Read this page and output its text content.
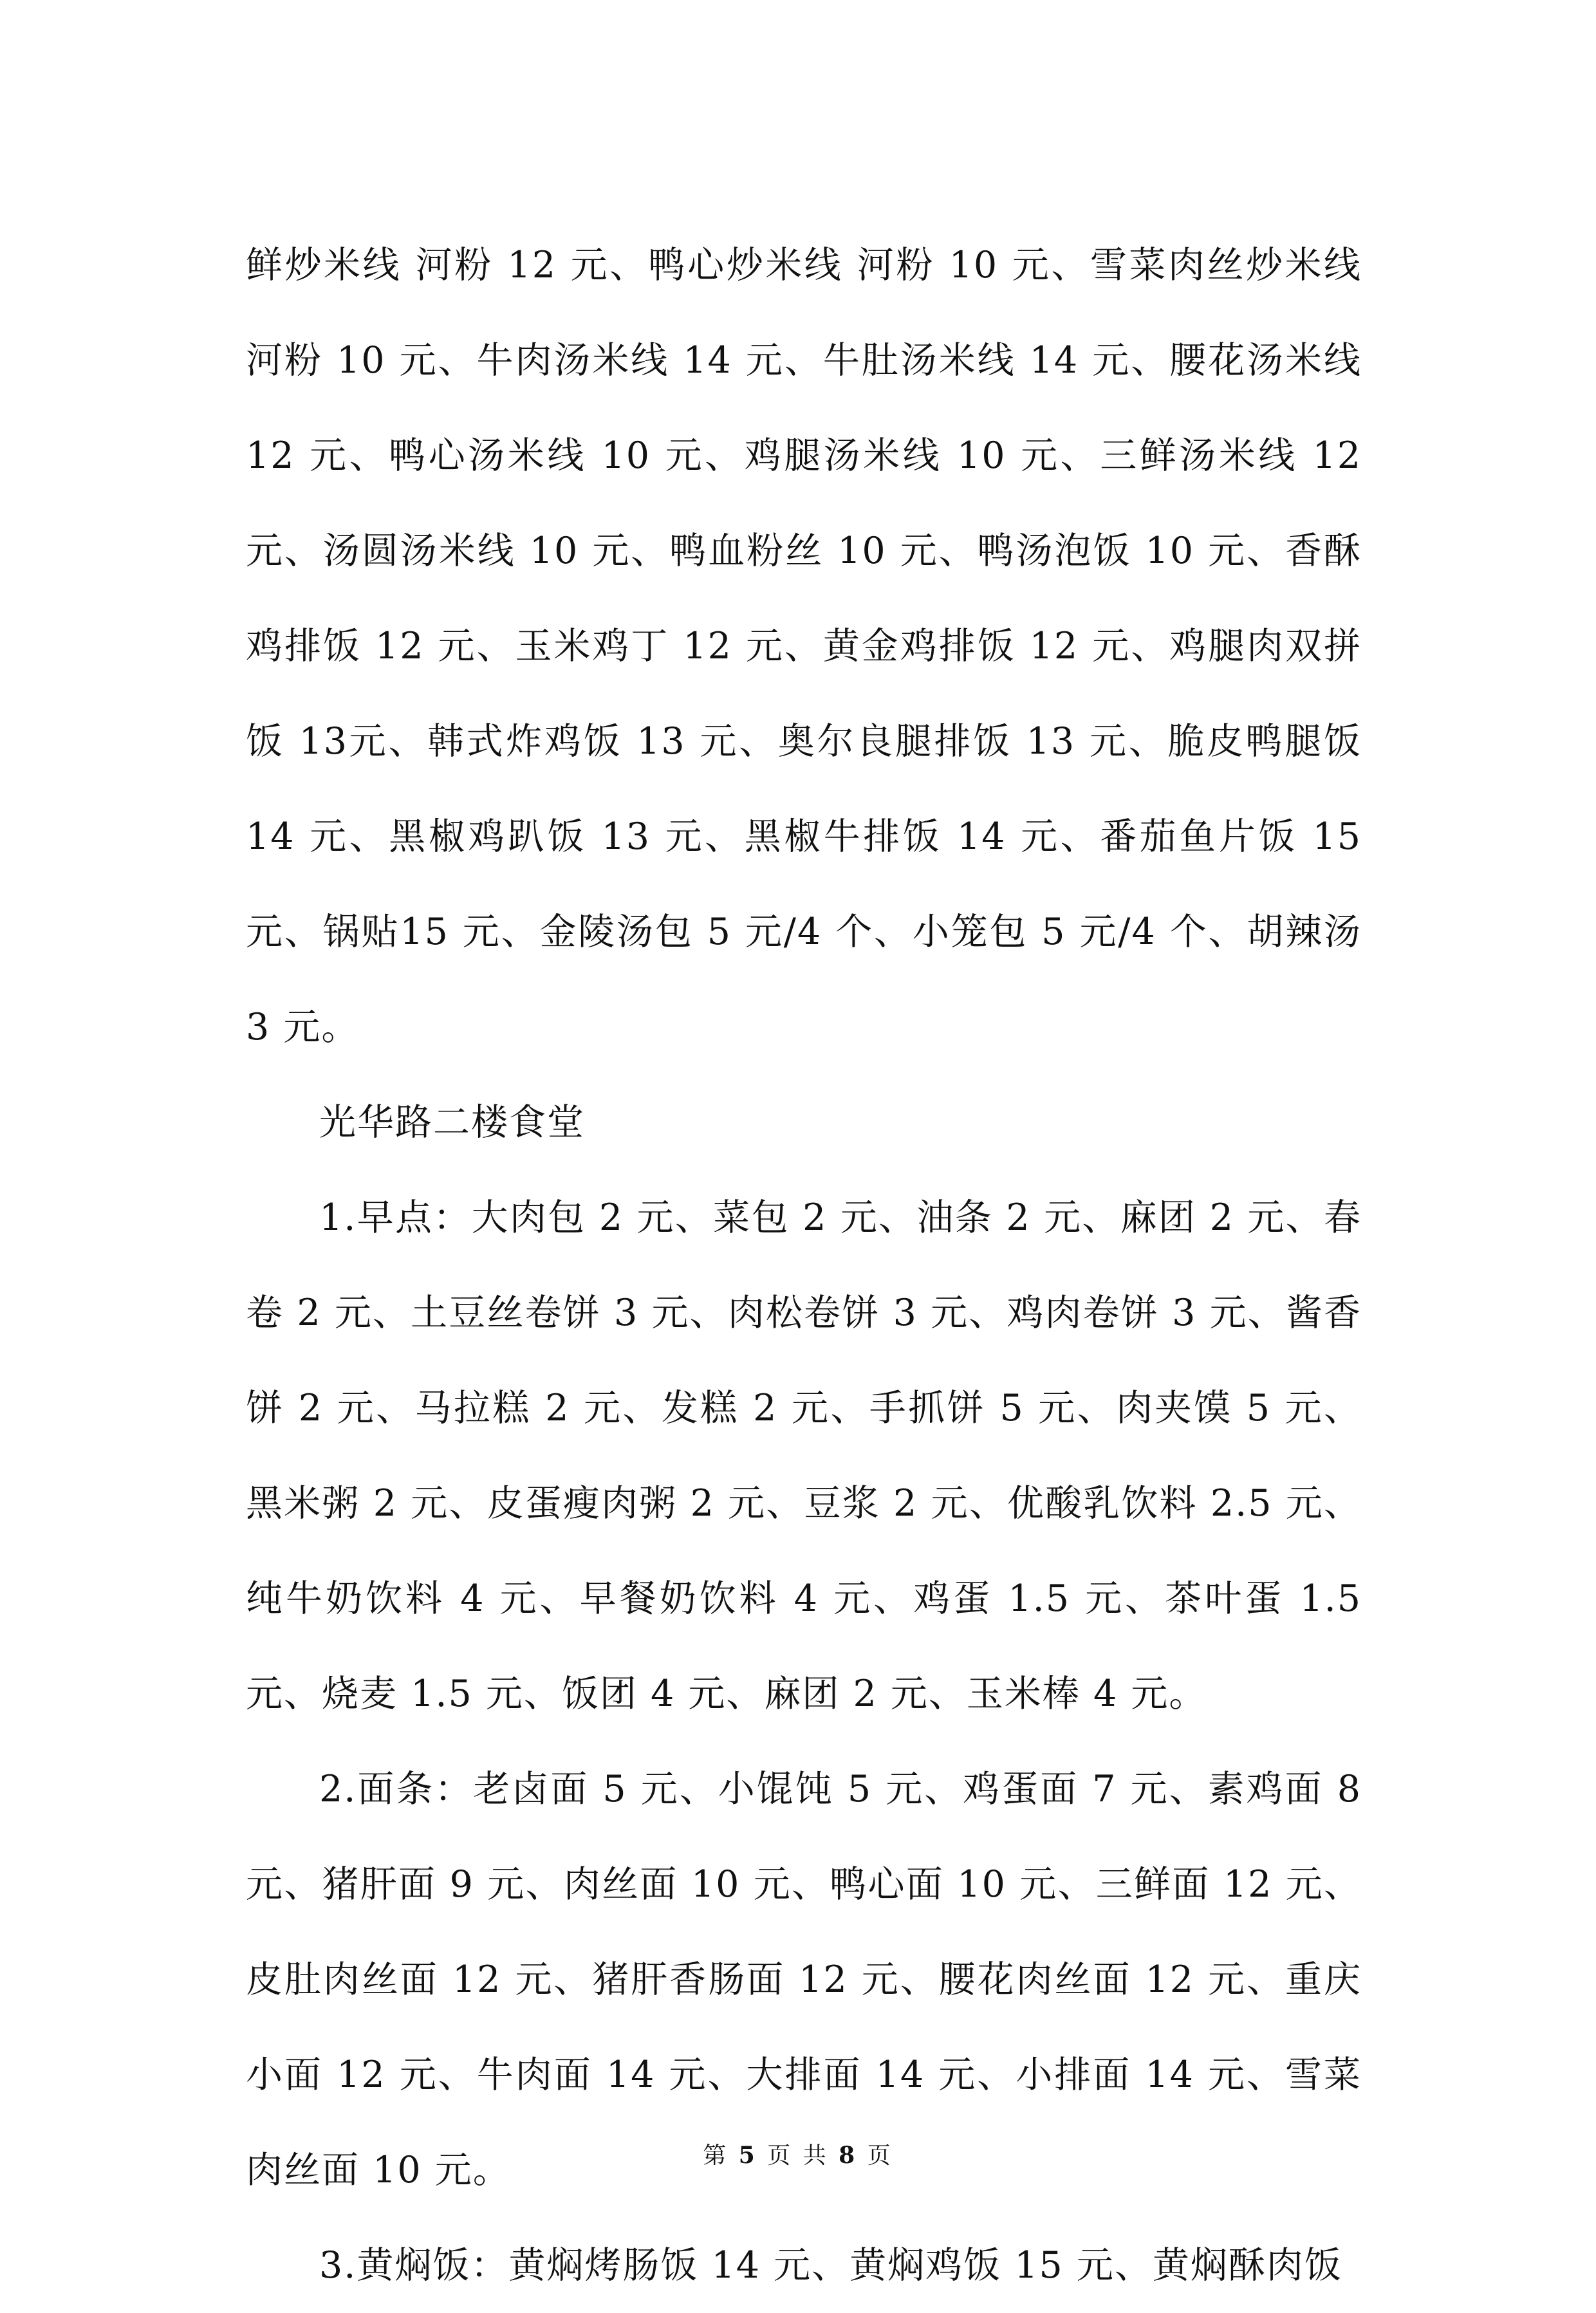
鲜炒米线 河粉 12 元、鸭心炒米线 河粉 10 元、雪菜肉丝炒米线河粉 10 元、牛肉汤米线 14 元、牛肚汤米线 14 元、腰花汤米线12 元、鸭心汤米线 10 元、鸡腿汤米线 10 元、三鲜汤米线 12 元、汤圆汤米线 10 元、鸭血粉丝 10 元、鸭汤泡饭 10 元、香酥鸡排饭 12 元、玉米鸡丁 12 元、黄金鸡排饭 12 元、鸡腿肉双拼饭 13元、韩式炸鸡饭 13 元、奥尔良腿排饭 13 元、脆皮鸭腿饭 14 元、黑椒鸡趴饭 13 元、黑椒牛排饭 14 元、番茄鱼片饭 15 元、锅贴15 元、金陵汤包 5 元/4 个、小笼包 5 元/4 个、胡辣汤 3 元。

光华路二楼食堂

1.早点：大肉包 2 元、菜包 2 元、油条 2 元、麻团 2 元、春卷 2 元、土豆丝卷饼 3 元、肉松卷饼 3 元、鸡肉卷饼 3 元、酱香饼 2 元、马拉糕 2 元、发糕 2 元、手抓饼 5 元、肉夹馍 5 元、黑米粥 2 元、皮蛋瘦肉粥 2 元、豆浆 2 元、优酸乳饮料 2.5 元、纯牛奶饮料 4 元、早餐奶饮料 4 元、鸡蛋 1.5 元、茶叶蛋 1.5 元、烧麦 1.5 元、饭团 4 元、麻团 2 元、玉米棒 4 元。

2.面条：老卤面 5 元、小馄饨 5 元、鸡蛋面 7 元、素鸡面 8元、猪肝面 9 元、肉丝面 10 元、鸭心面 10 元、三鲜面 12 元、皮肚肉丝面 12 元、猪肝香肠面 12 元、腰花肉丝面 12 元、重庆小面 12 元、牛肉面 14 元、大排面 14 元、小排面 14 元、雪菜肉丝面 10 元。

3.黄焖饭：黄焖烤肠饭 14 元、黄焖鸡饭 15 元、黄焖酥肉饭

第 5 页 共 8 页
